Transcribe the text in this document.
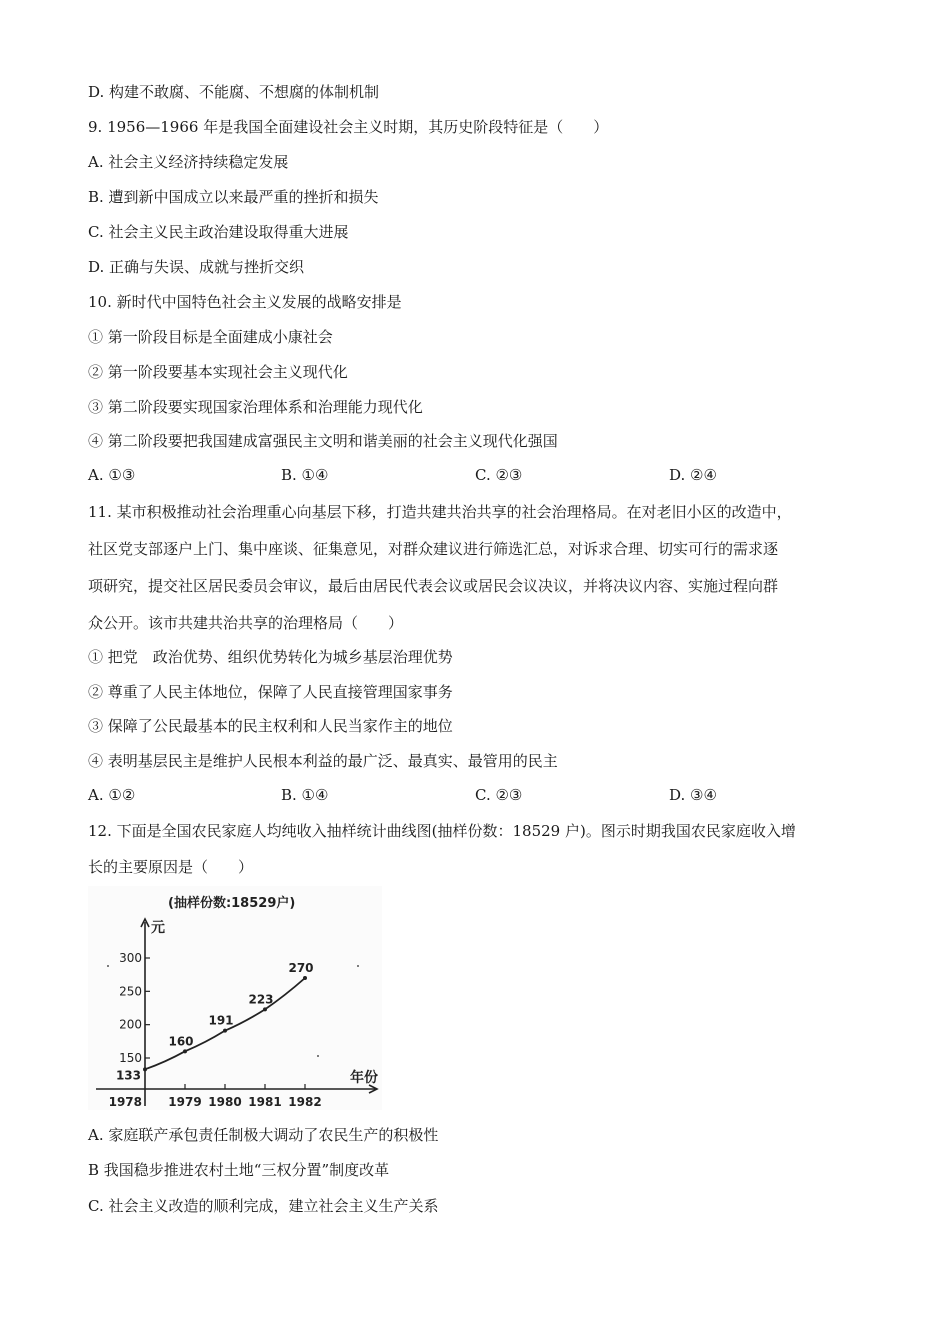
D. 构建不敢腐、不能腐、不想腐的体制机制
9. 1956—1966 年是我国全面建设社会主义时期，其历史阶段特征是（　　）
A. 社会主义经济持续稳定发展
B. 遭到新中国成立以来最严重的挫折和损失
C. 社会主义民主政治建设取得重大进展
D. 正确与失误、成就与挫折交织
10. 新时代中国特色社会主义发展的战略安排是
① 第一阶段目标是全面建成小康社会
② 第一阶段要基本实现社会主义现代化
③ 第二阶段要实现国家治理体系和治理能力现代化
④ 第二阶段要把我国建成富强民主文明和谐美丽的社会主义现代化强国
A. ①③	B. ①④	C. ②③	D. ②④
11. 某市积极推动社会治理重心向基层下移，打造共建共治共享的社会治理格局。在对老旧小区的改造中，
社区党支部逐户上门、集中座谈、征集意见，对群众建议进行筛选汇总，对诉求合理、切实可行的需求逐
项研究，提交社区居民委员会审议，最后由居民代表会议或居民会议决议，并将决议内容、实施过程向群
众公开。该市共建共治共享的治理格局（　　）
① 把党　政治优势、组织优势转化为城乡基层治理优势
② 尊重了人民主体地位，保障了人民直接管理国家事务
③ 保障了公民最基本的民主权利和人民当家作主的地位
④ 表明基层民主是维护人民根本利益的最广泛、最真实、最管用的民主
A. ①②	B. ①④	C. ②③	D. ③④
12. 下面是全国农民家庭人均纯收入抽样统计曲线图(抽样份数：18529 户)。图示时期我国农民家庭收入增
长的主要原因是（　　）
(抽样份数:18529户)
元
年份
150
200
250
300
1978 1979 1980 1981 1982
133
160
191
223
270
A. 家庭联产承包责任制极大调动了农民生产的积极性
B 我国稳步推进农村土地“三权分置”制度改革
C. 社会主义改造的顺利完成，建立社会主义生产关系
